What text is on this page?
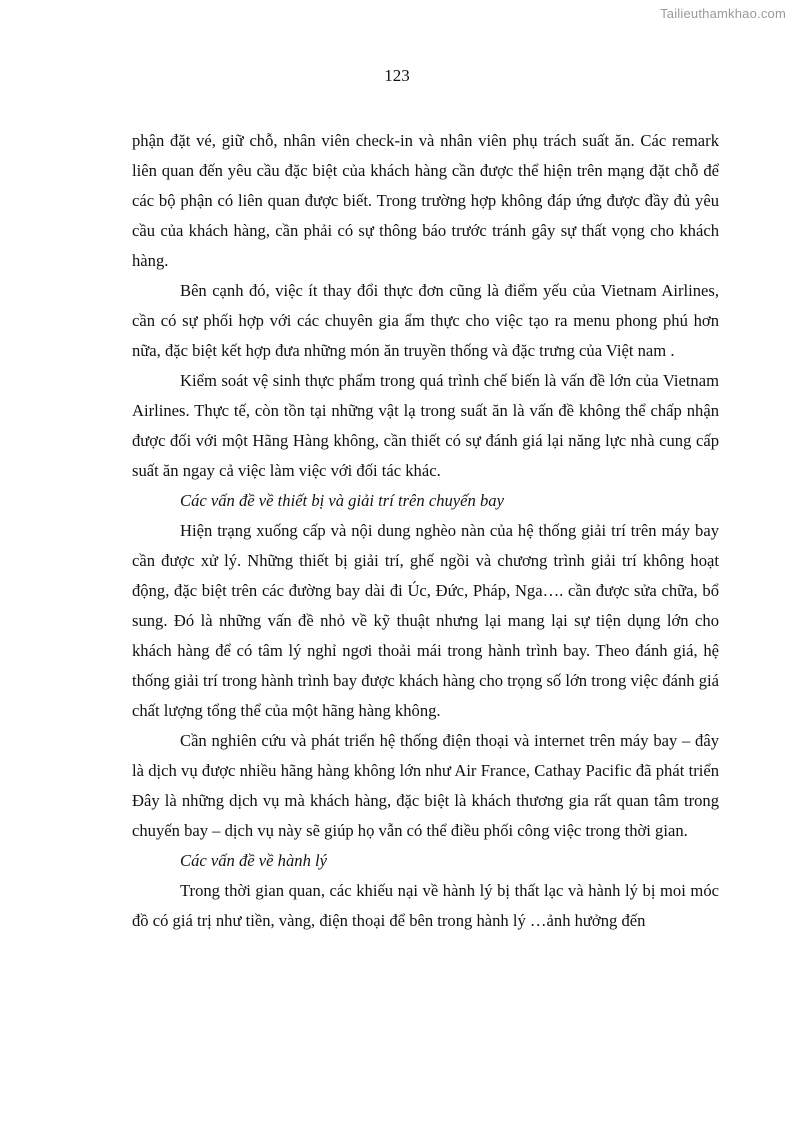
Tailieuthamkhao.com
123

phận đặt vé, giữ chỗ, nhân viên check-in và nhân viên phụ trách suất ăn. Các remark liên quan đến yêu cầu đặc biệt của khách hàng cần được thể hiện trên mạng đặt chỗ để các bộ phận có liên quan được biết. Trong trường hợp không đáp ứng được đầy đủ yêu cầu của khách hàng, cần phải có sự thông báo trước tránh gây sự thất vọng cho khách hàng.

Bên cạnh đó, việc ít thay đổi thực đơn cũng là điểm yếu của Vietnam Airlines, cần có sự phối hợp với các chuyên gia ẩm thực cho việc tạo ra menu phong phú hơn nữa, đặc biệt kết hợp đưa những món ăn truyền thống và đặc trưng của Việt nam .

Kiểm soát vệ sinh thực phẩm trong quá trình chế biến là vấn đề lớn của Vietnam Airlines. Thực tế, còn tồn tại những vật lạ trong suất ăn là vấn đề không thể chấp nhận được đối với một Hãng Hàng không, cần thiết có sự đánh giá lại năng lực nhà cung cấp suất ăn ngay cả việc làm việc với đối tác khác.

Các vấn đề về thiết bị và giải trí trên chuyến bay

Hiện trạng xuống cấp và nội dung nghèo nàn của hệ thống giải trí trên máy bay cần được xử lý. Những thiết bị giải trí, ghế ngồi và chương trình giải trí không hoạt động, đặc biệt trên các đường bay dài đi Úc, Đức, Pháp, Nga…. cần được sửa chữa, bổ sung. Đó là những vấn đề nhỏ về kỹ thuật nhưng lại mang lại sự tiện dụng lớn cho khách hàng để có tâm lý nghỉ ngơi thoải mái trong hành trình bay. Theo đánh giá, hệ thống giải trí trong hành trình bay được khách hàng cho trọng số lớn trong việc đánh giá chất lượng tổng thể của một hãng hàng không.

Cần nghiên cứu và phát triển hệ thống điện thoại và internet trên máy bay – đây là dịch vụ được nhiều hãng hàng không lớn như Air France, Cathay Pacific đã phát triển Đây là những dịch vụ mà khách hàng, đặc biệt là khách thương gia rất quan tâm trong chuyến bay – dịch vụ này sẽ giúp họ vẫn có thể điều phối công việc trong thời gian.

Các vấn đề về hành lý

Trong thời gian quan, các khiếu nại về hành lý bị thất lạc và hành lý bị moi móc đồ có giá trị như tiền, vàng, điện thoại để bên trong hành lý …ảnh hưởng đến
